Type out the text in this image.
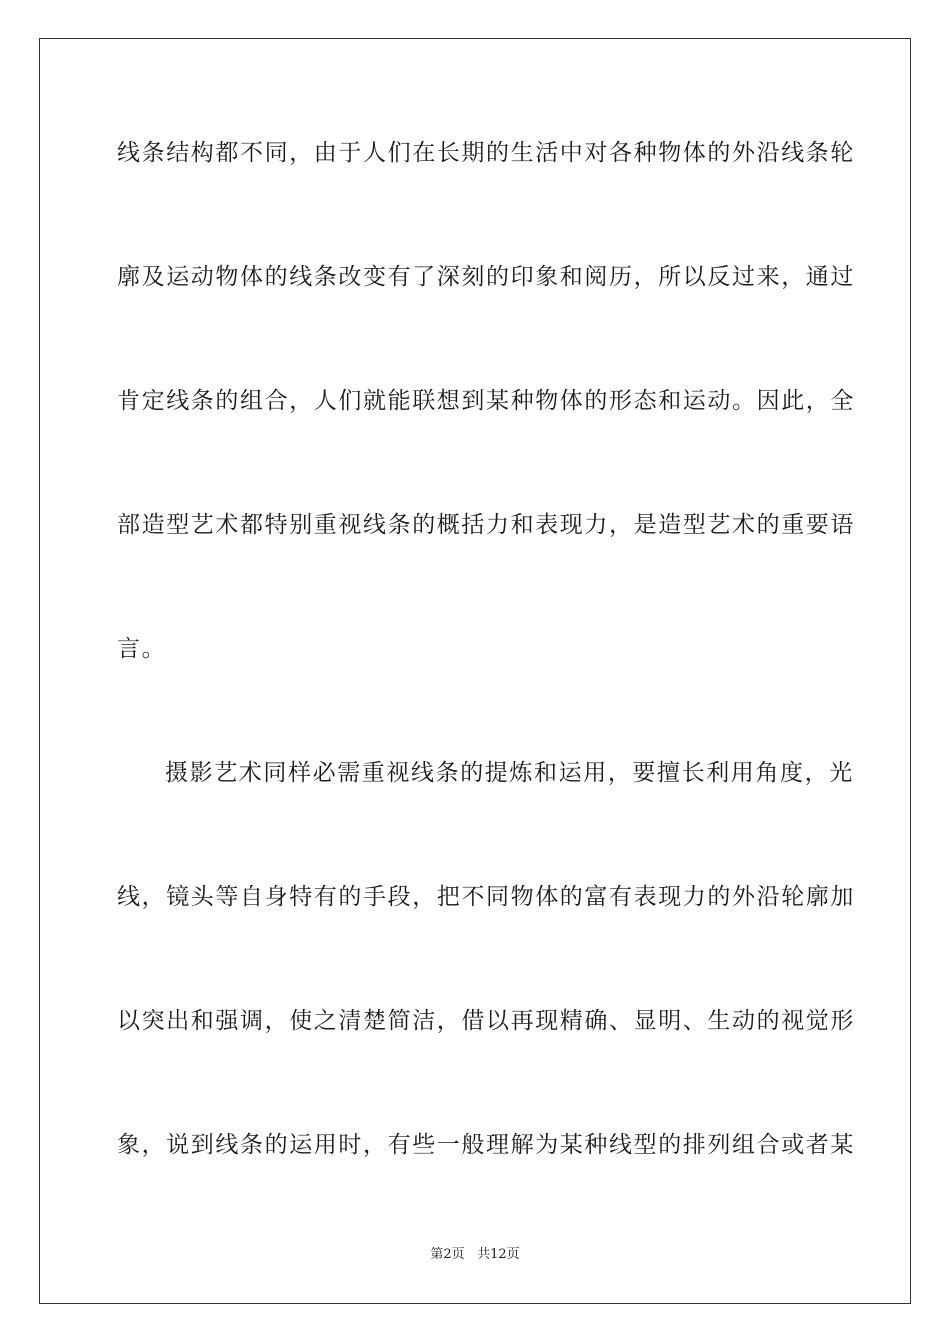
线条结构都不同，由于人们在长期的生活中对各种物体的外沿线条轮
廓及运动物体的线条改变有了深刻的印象和阅历，所以反过来，通过
肯定线条的组合，人们就能联想到某种物体的形态和运动。因此，全
部造型艺术都特别重视线条的概括力和表现力，是造型艺术的重要语
言。
摄影艺术同样必需重视线条的提炼和运用，要擅长利用角度，光
线，镜头等自身特有的手段，把不同物体的富有表现力的外沿轮廓加
以突出和强调，使之清楚简洁，借以再现精确、显明、生动的视觉形
象，说到线条的运用时，有些一般理解为某种线型的排列组合或者某
第2页 共12页
